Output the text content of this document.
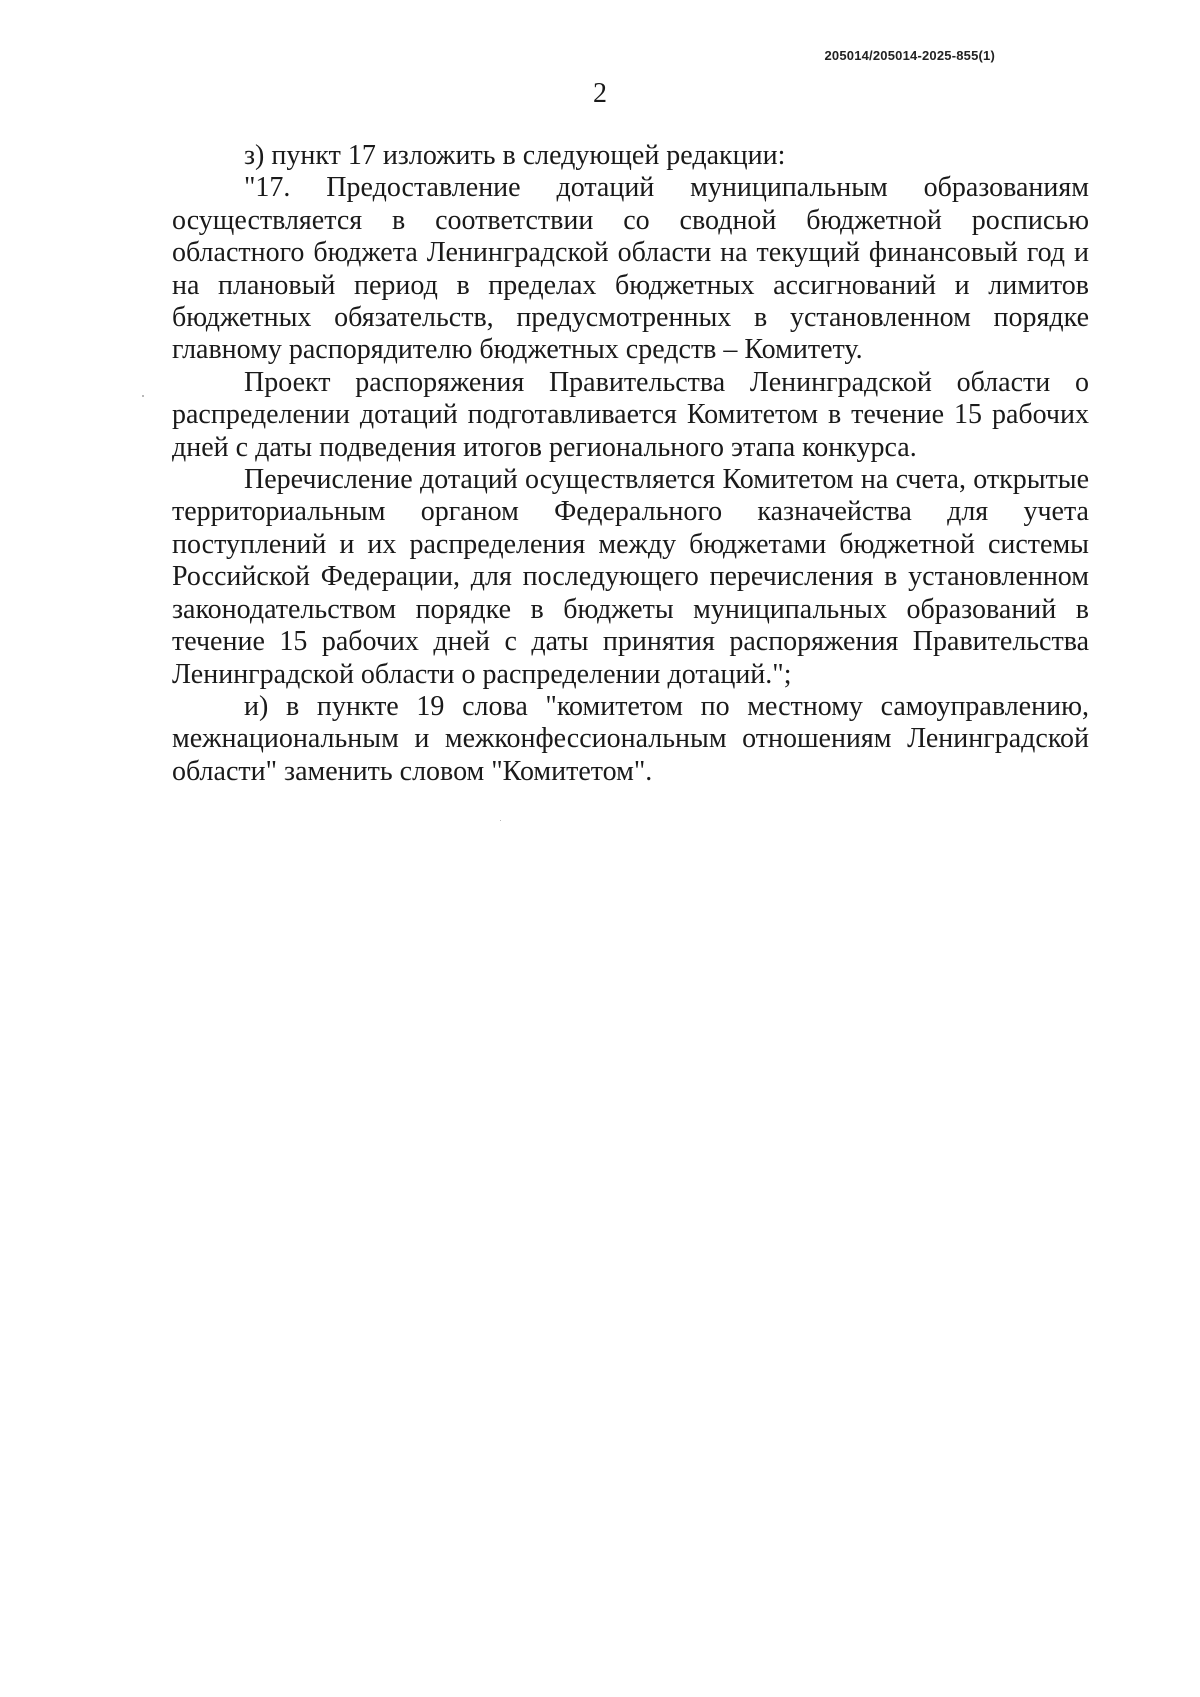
205014/205014-2025-855(1)
2

з) пункт 17 изложить в следующей редакции:

"17. Предоставление дотаций муниципальным образованиям осуществляется в соответствии со сводной бюджетной росписью областного бюджета Ленинградской области на текущий финансовый год и на плановый период в пределах бюджетных ассигнований и лимитов бюджетных обязательств, предусмотренных в установленном порядке главному распорядителю бюджетных средств – Комитету.

Проект распоряжения Правительства Ленинградской области о распределении дотаций подготавливается Комитетом в течение 15 рабочих дней с даты подведения итогов регионального этапа конкурса.

Перечисление дотаций осуществляется Комитетом на счета, открытые территориальным органом Федерального казначейства для учета поступлений и их распределения между бюджетами бюджетной системы Российской Федерации, для последующего перечисления в установленном законодательством порядке в бюджеты муниципальных образований в течение 15 рабочих дней с даты принятия распоряжения Правительства Ленинградской области о распределении дотаций.";

и) в пункте 19 слова "комитетом по местному самоуправлению, межнациональным и межконфессиональным отношениям Ленинградской области" заменить словом "Комитетом".
